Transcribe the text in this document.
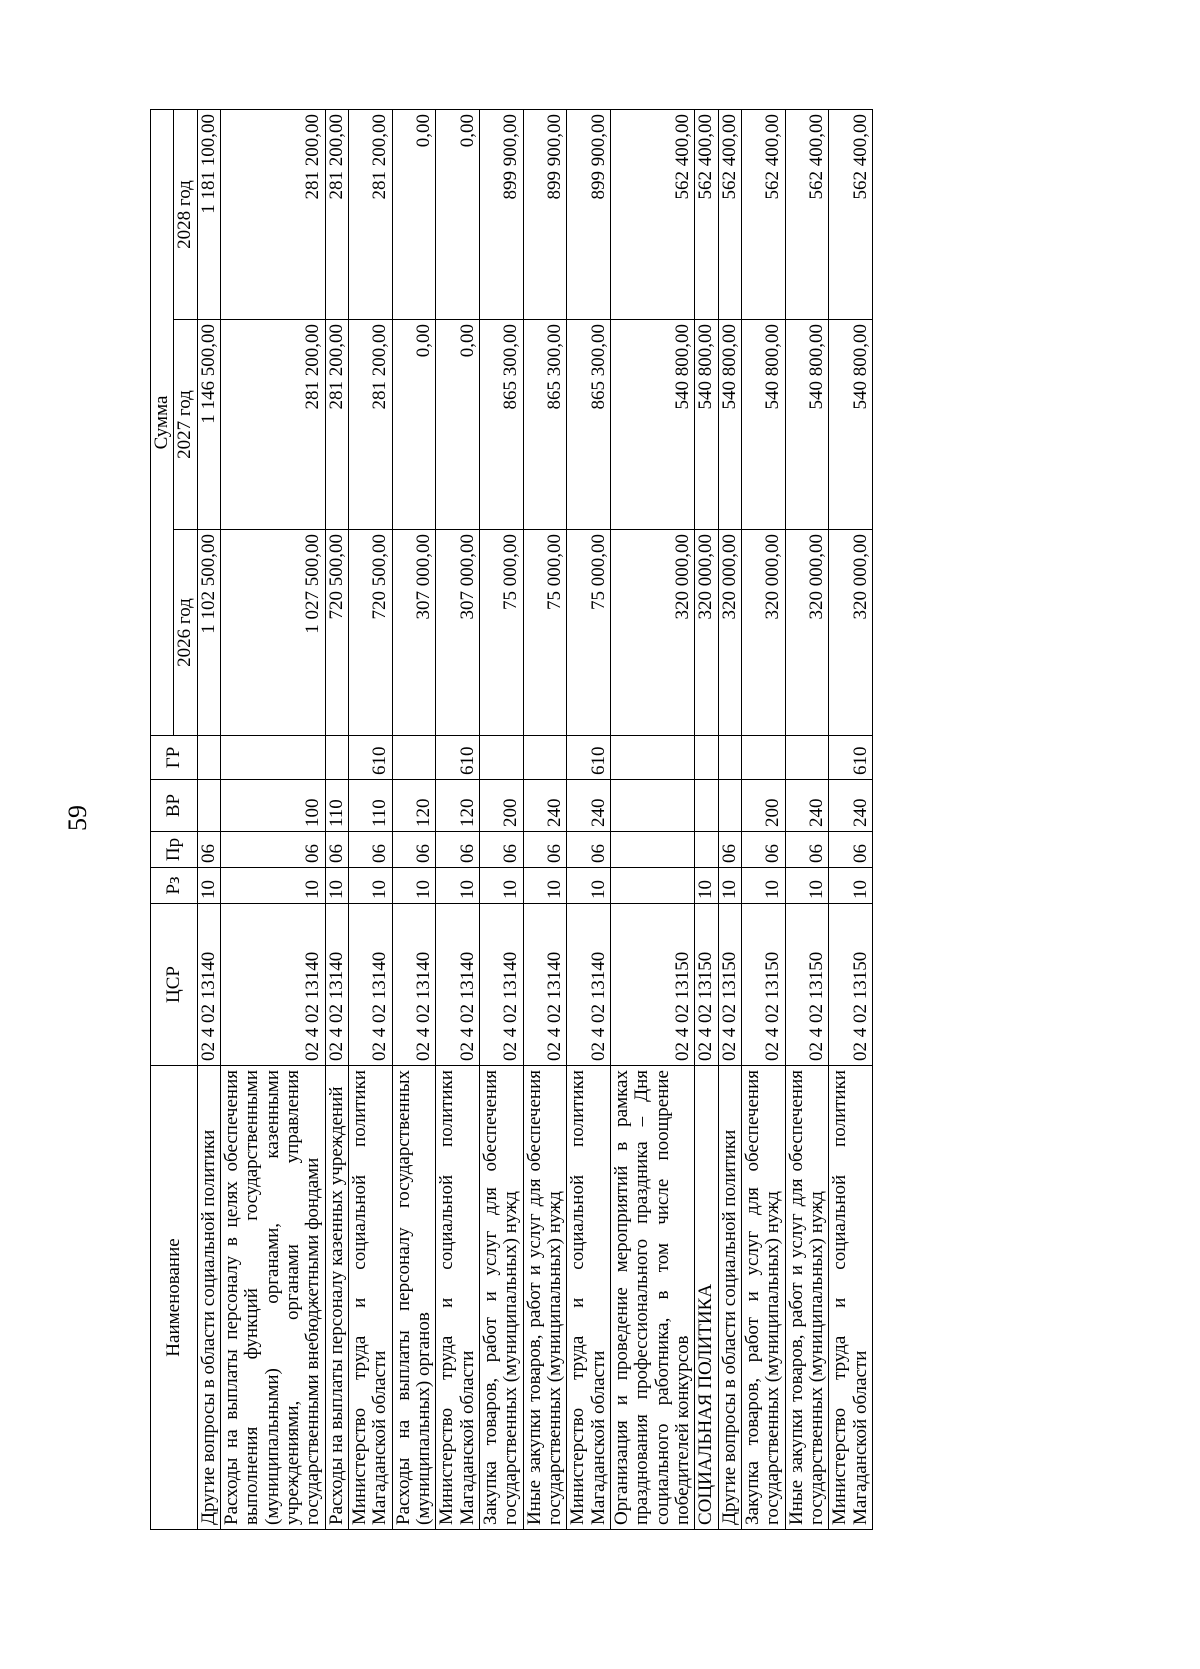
59
Наименование	ЦСР	Рз	Пр	ВР	ГР	Сумма		
						2026 год	2027 год	2028 год
Другие вопросы в области социальной политики	02 4 02 13140	10	06			1 102 500,00	1 146 500,00	1 181 100,00
Расходы на выплаты персоналу в целях обеспечения выполнения функций государственными (муниципальными) органами, казенными учреждениями, органами управления государственными внебюджетными фондами	02 4 02 13140	10	06	100		1 027 500,00	281 200,00	281 200,00
Расходы на выплаты персоналу казенных учреждений	02 4 02 13140	10	06	110		720 500,00	281 200,00	281 200,00
Министерство труда и социальной политики Магаданской области	02 4 02 13140	10	06	110	610	720 500,00	281 200,00	281 200,00
Расходы на выплаты персоналу государственных (муниципальных) органов	02 4 02 13140	10	06	120		307 000,00	0,00	0,00
Министерство труда и социальной политики Магаданской области	02 4 02 13140	10	06	120	610	307 000,00	0,00	0,00
Закупка товаров, работ и услуг для обеспечения государственных (муниципальных) нужд	02 4 02 13140	10	06	200		75 000,00	865 300,00	899 900,00
Иные закупки товаров, работ и услуг для обеспечения государственных (муниципальных) нужд	02 4 02 13140	10	06	240		75 000,00	865 300,00	899 900,00
Министерство труда и социальной политики Магаданской области	02 4 02 13140	10	06	240	610	75 000,00	865 300,00	899 900,00
Организация и проведение мероприятий в рамках празднования профессионального праздника – Дня социального работника, в том числе поощрение победителей конкурсов	02 4 02 13150					320 000,00	540 800,00	562 400,00
СОЦИАЛЬНАЯ ПОЛИТИКА	02 4 02 13150	10				320 000,00	540 800,00	562 400,00
Другие вопросы в области социальной политики	02 4 02 13150	10	06			320 000,00	540 800,00	562 400,00
Закупка товаров, работ и услуг для обеспечения государственных (муниципальных) нужд	02 4 02 13150	10	06	200		320 000,00	540 800,00	562 400,00
Иные закупки товаров, работ и услуг для обеспечения государственных (муниципальных) нужд	02 4 02 13150	10	06	240		320 000,00	540 800,00	562 400,00
Министерство труда и социальной политики Магаданской области	02 4 02 13150	10	06	240	610	320 000,00	540 800,00	562 400,00
